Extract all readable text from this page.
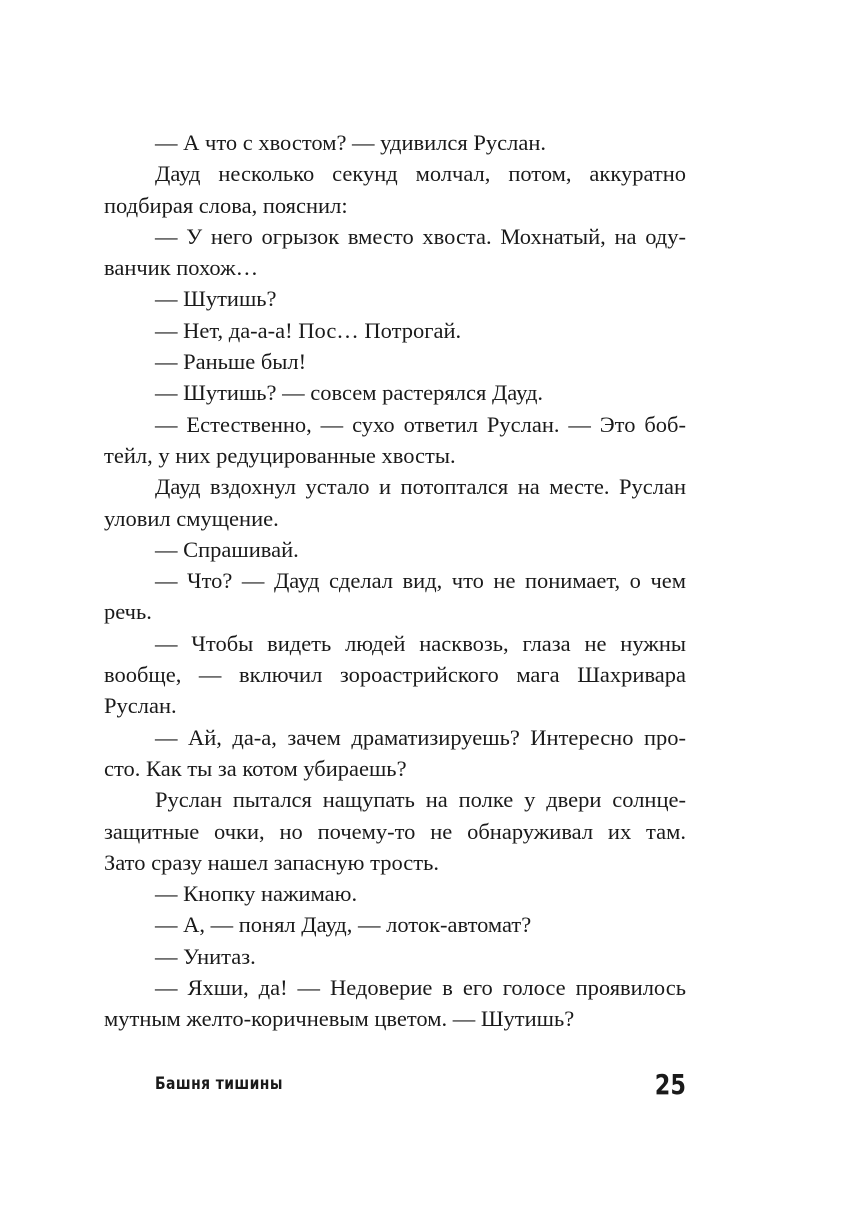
— А что с хвостом? — удивился Руслан.
Дауд несколько секунд молчал, потом, аккуратно
подбирая слова, пояснил:
— У него огрызок вместо хвоста. Мохнатый, на оду-
ванчик похож…
— Шутишь?
— Нет, да-а-а! Пос… Потрогай.
— Раньше был!
— Шутишь? — совсем растерялся Дауд.
— Естественно, — сухо ответил Руслан. — Это боб-
тейл, у них редуцированные хвосты.
Дауд вздохнул устало и потоптался на месте. Руслан
уловил смущение.
— Спрашивай.
— Что? — Дауд сделал вид, что не понимает, о чем
речь.
— Чтобы видеть людей насквозь, глаза не нужны
вообще, — включил зороастрийского мага Шахривара
Руслан.
— Ай, да-а, зачем драматизируешь? Интересно про-
сто. Как ты за котом убираешь?
Руслан пытался нащупать на полке у двери солнце-
защитные очки, но почему-то не обнаруживал их там.
Зато сразу нашел запасную трость.
— Кнопку нажимаю.
— А, — понял Дауд, — лоток-автомат?
— Унитаз.
— Яхши, да! — Недоверие в его голосе проявилось
мутным желто-коричневым цветом. — Шутишь?
Башня тишины	25
